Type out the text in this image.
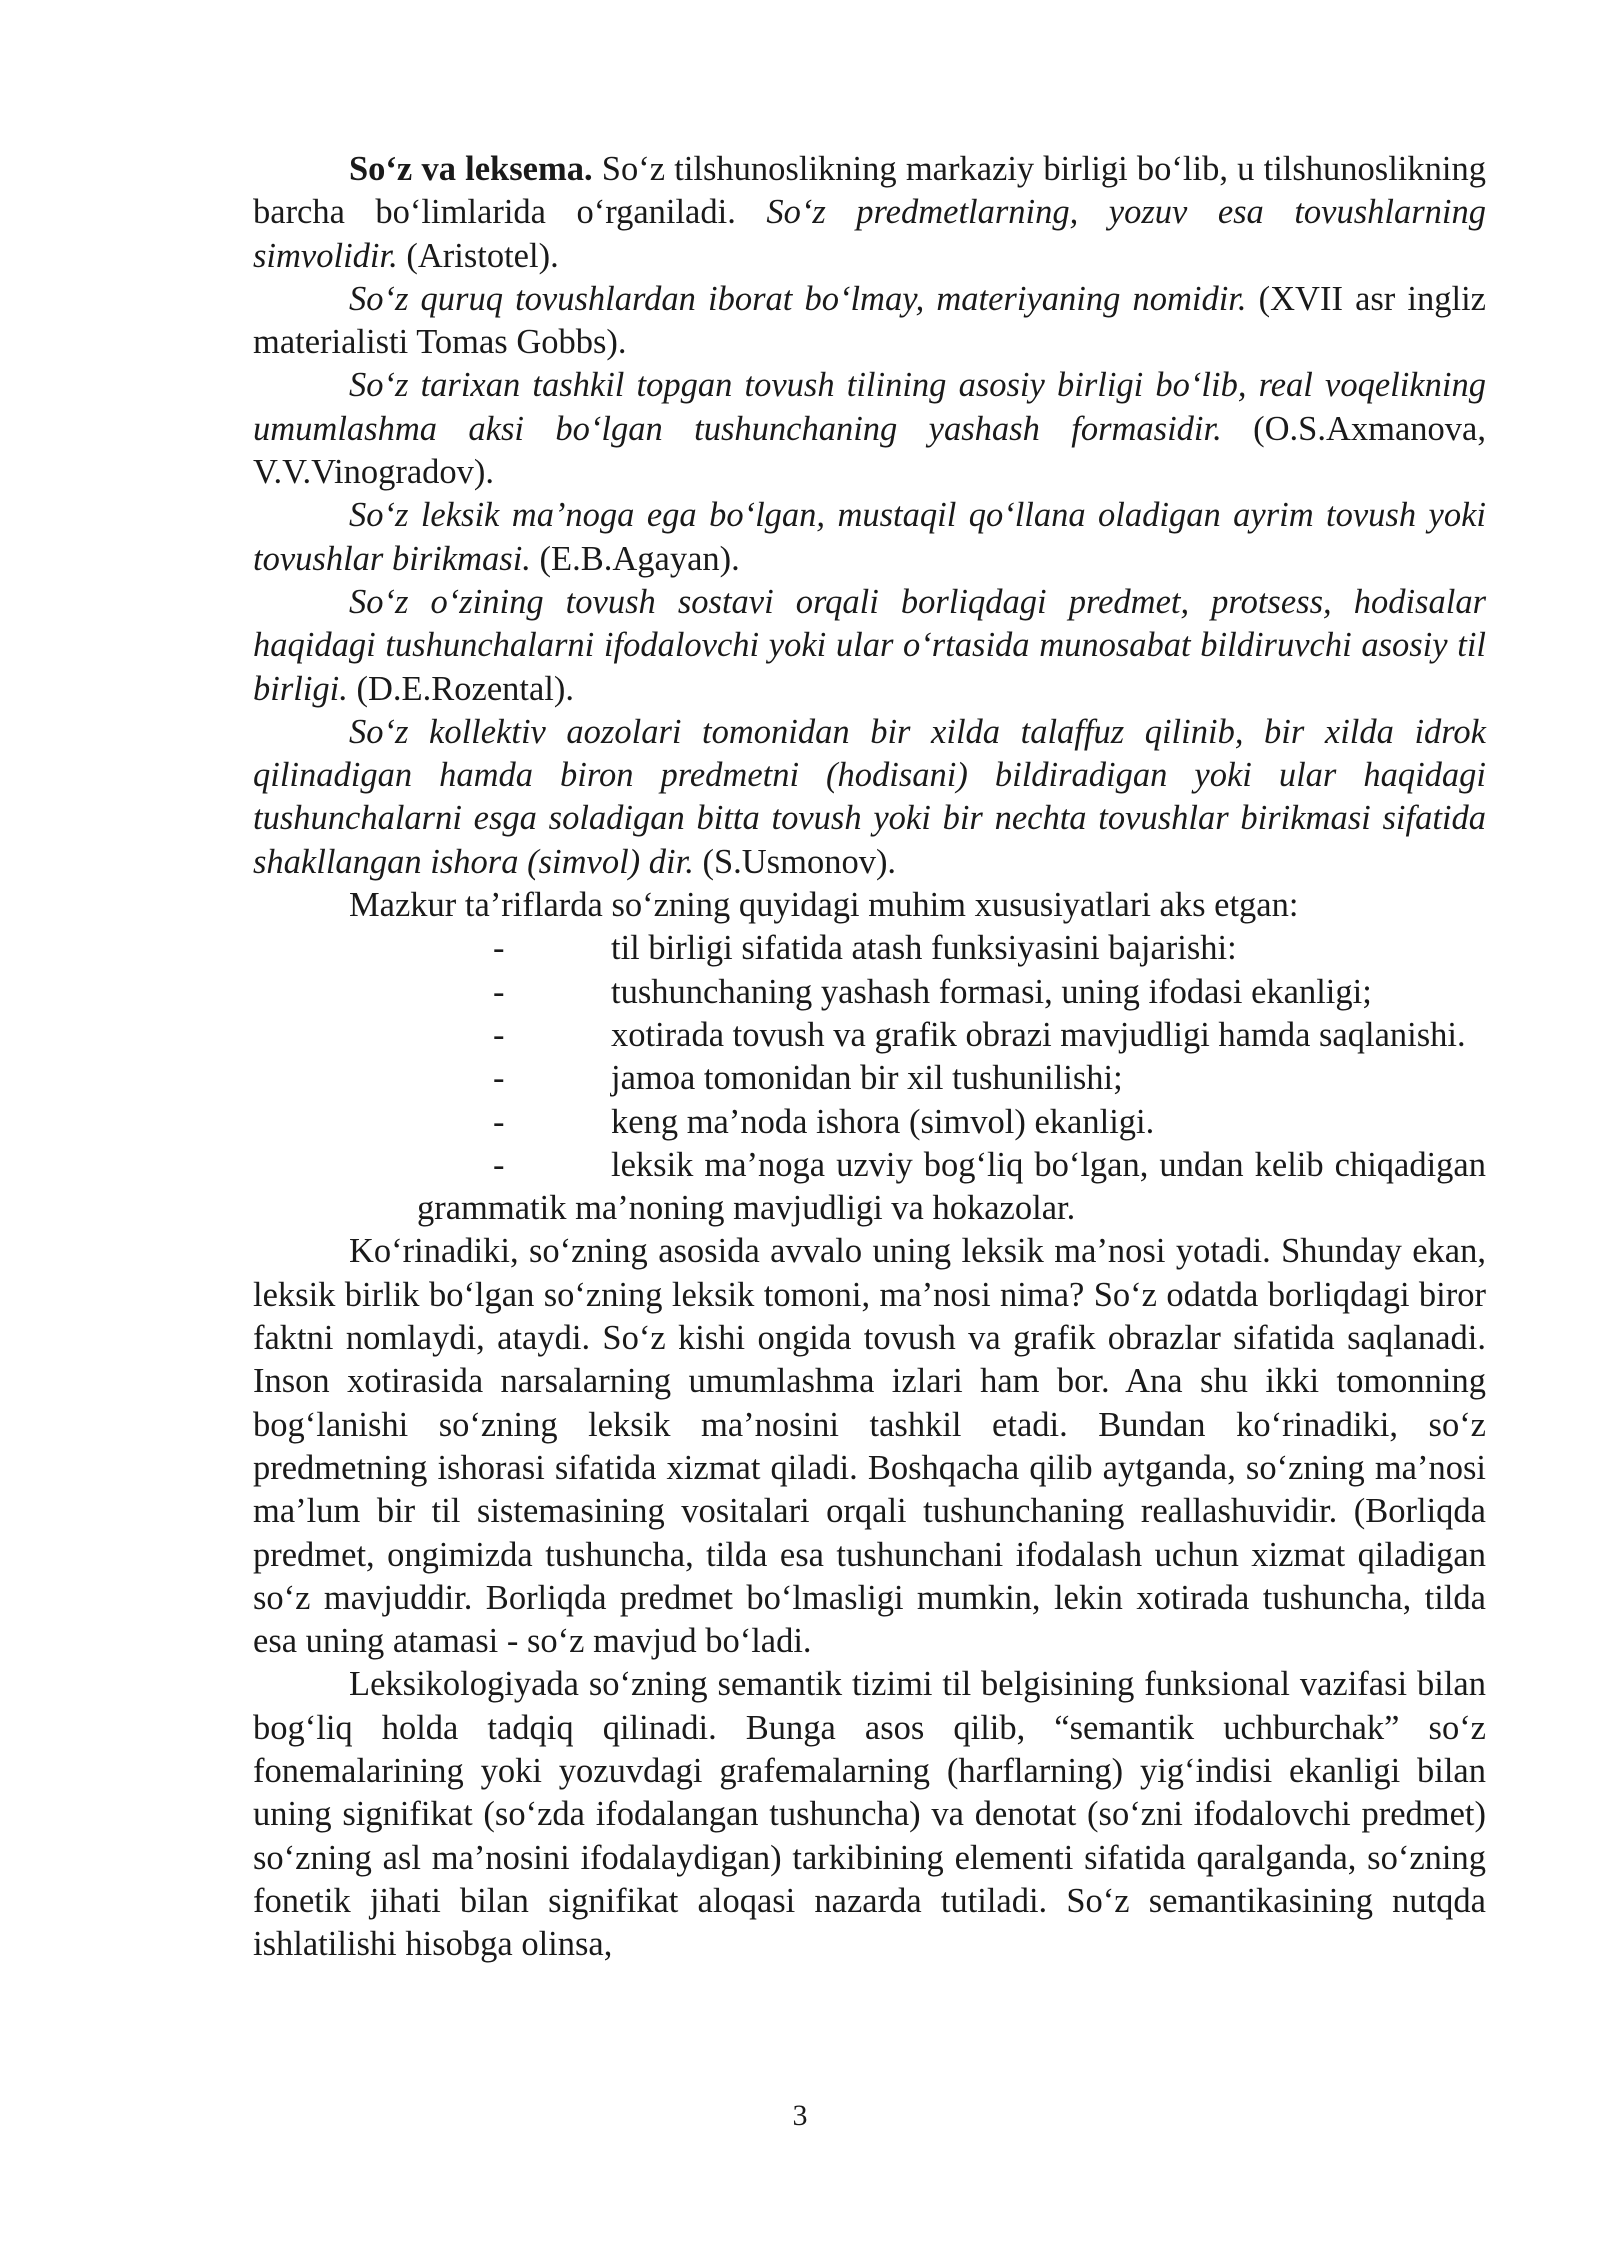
So‘z va leksema. So‘z tilshunoslikning markaziy birligi bo‘lib, u tilshunoslikning barcha bo‘limlarida o‘rganiladi. So‘z predmetlarning, yozuv esa tovushlarning simvolidir. (Aristotel).

So‘z quruq tovushlardan iborat bo‘lmay, materiyaning nomidir. (XVII asr ingliz materialisti Tomas Gobbs).

So‘z tarixan tashkil topgan tovush tilining asosiy birligi bo‘lib, real voqelikning umumlashma aksi bo‘lgan tushunchaning yashash formasidir. (O.S.Axmanova, V.V.Vinogradov).

So‘z leksik ma’noga ega bo‘lgan, mustaqil qo‘llana oladigan ayrim tovush yoki tovushlar birikmasi. (E.B.Agayan).

So‘z o‘zining tovush sostavi orqali borliqdagi predmet, protsess, hodisalar haqidagi tushunchalarni ifodalovchi yoki ular o‘rtasida munosabat bildiruvchi asosiy til birligi. (D.E.Rozental).

So‘z kollektiv aozolari tomonidan bir xilda talaffuz qilinib, bir xilda idrok qilinadigan hamda biron predmetni (hodisani) bildiradigan yoki ular haqidagi tushunchalarni esga soladigan bitta tovush yoki bir nechta tovushlar birikmasi sifatida shakllangan ishora (simvol) dir. (S.Usmonov).

Mazkur ta’riflarda so‘zning quyidagi muhim xususiyatlari aks etgan:

-	til birligi sifatida atash funksiyasini bajarishi:
-	tushunchaning yashash formasi, uning ifodasi ekanligi;
-	xotirada tovush va grafik obrazi mavjudligi hamda saqlanishi.
-	jamoa tomonidan bir xil tushunilishi;
-	keng ma’noda ishora (simvol) ekanligi.
-	leksik ma’noga uzviy bog‘liq bo‘lgan, undan kelib chiqadigan grammatik ma’noning mavjudligi va hokazolar.

Ko‘rinadiki, so‘zning asosida avvalo uning leksik ma’nosi yotadi. Shunday ekan, leksik birlik bo‘lgan so‘zning leksik tomoni, ma’nosi nima? So‘z odatda borliqdagi biror faktni nomlaydi, ataydi. So‘z kishi ongida tovush va grafik obrazlar sifatida saqlanadi. Inson xotirasida narsalarning umumlashma izlari ham bor. Ana shu ikki tomonning bog‘lanishi so‘zning leksik ma’nosini tashkil etadi. Bundan ko‘rinadiki, so‘z predmetning ishorasi sifatida xizmat qiladi. Boshqacha qilib aytganda, so‘zning ma’nosi ma’lum bir til sistemasining vositalari orqali tushunchaning reallashuvidir. (Borliqda predmet, ongimizda tushuncha, tilda esa tushunchani ifodalash uchun xizmat qiladigan so‘z mavjuddir. Borliqda predmet bo‘lmasligi mumkin, lekin xotirada tushuncha, tilda esa uning atamasi - so‘z mavjud bo‘ladi.

Leksikologiyada so‘zning semantik tizimi til belgisining funksional vazifasi bilan bog‘liq holda tadqiq qilinadi. Bunga asos qilib, “semantik uchburchak” so‘z fonemalarining yoki yozuvdagi grafemalarning (harflarning) yig‘indisi ekanligi bilan uning signifikat (so‘zda ifodalangan tushuncha) va denotat (so‘zni ifodalovchi predmet) so‘zning asl ma’nosini ifodalaydigan) tarkibining elementi sifatida qaralganda, so‘zning fonetik jihati bilan signifikat aloqasi nazarda tutiladi. So‘z semantikasining nutqda ishlatilishi hisobga olinsa,

3
